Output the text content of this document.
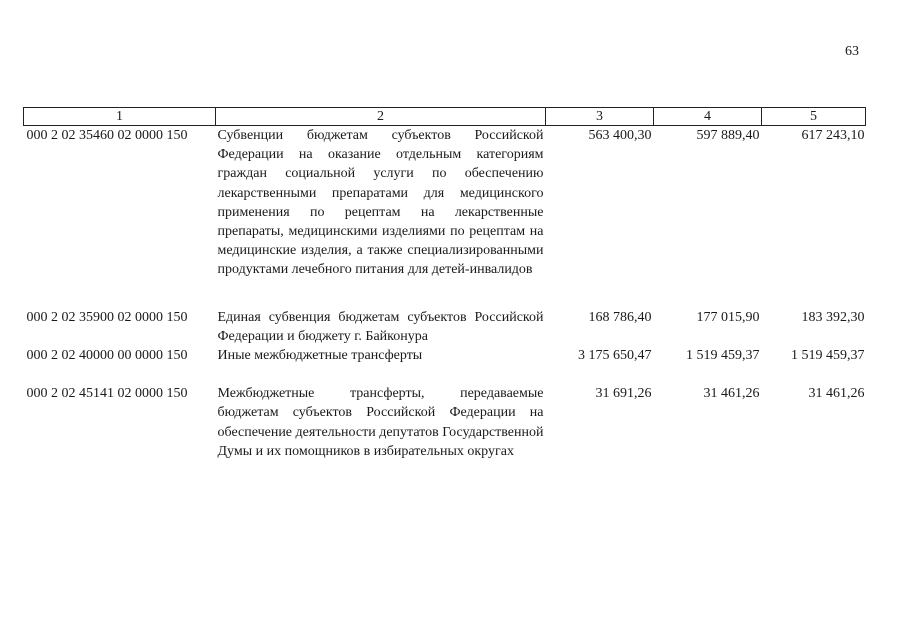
63
1	2	3	4	5
000 2 02 35460 02 0000 150	Субвенции бюджетам субъектов Российской Федерации на оказание отдельным категориям граждан социальной услуги по обеспечению лекарственными препаратами для медицинского применения по рецептам на лекарственные препараты, медицинскими изделиями по рецептам на медицинские изделия, а также специализированными продуктами лечебного питания для детей-инвалидов	563 400,30	597 889,40	617 243,10
000 2 02 35900 02 0000 150	Единая субвенция бюджетам субъектов Российской Федерации и бюджету г. Байконура	168 786,40	177 015,90	183 392,30
000 2 02 40000 00 0000 150	Иные межбюджетные трансферты	3 175 650,47	1 519 459,37	1 519 459,37
000 2 02 45141 02 0000 150	Межбюджетные трансферты, передаваемые бюджетам субъектов Российской Федерации на обеспечение деятельности депутатов Государственной Думы и их помощников в избирательных округах	31 691,26	31 461,26	31 461,26
